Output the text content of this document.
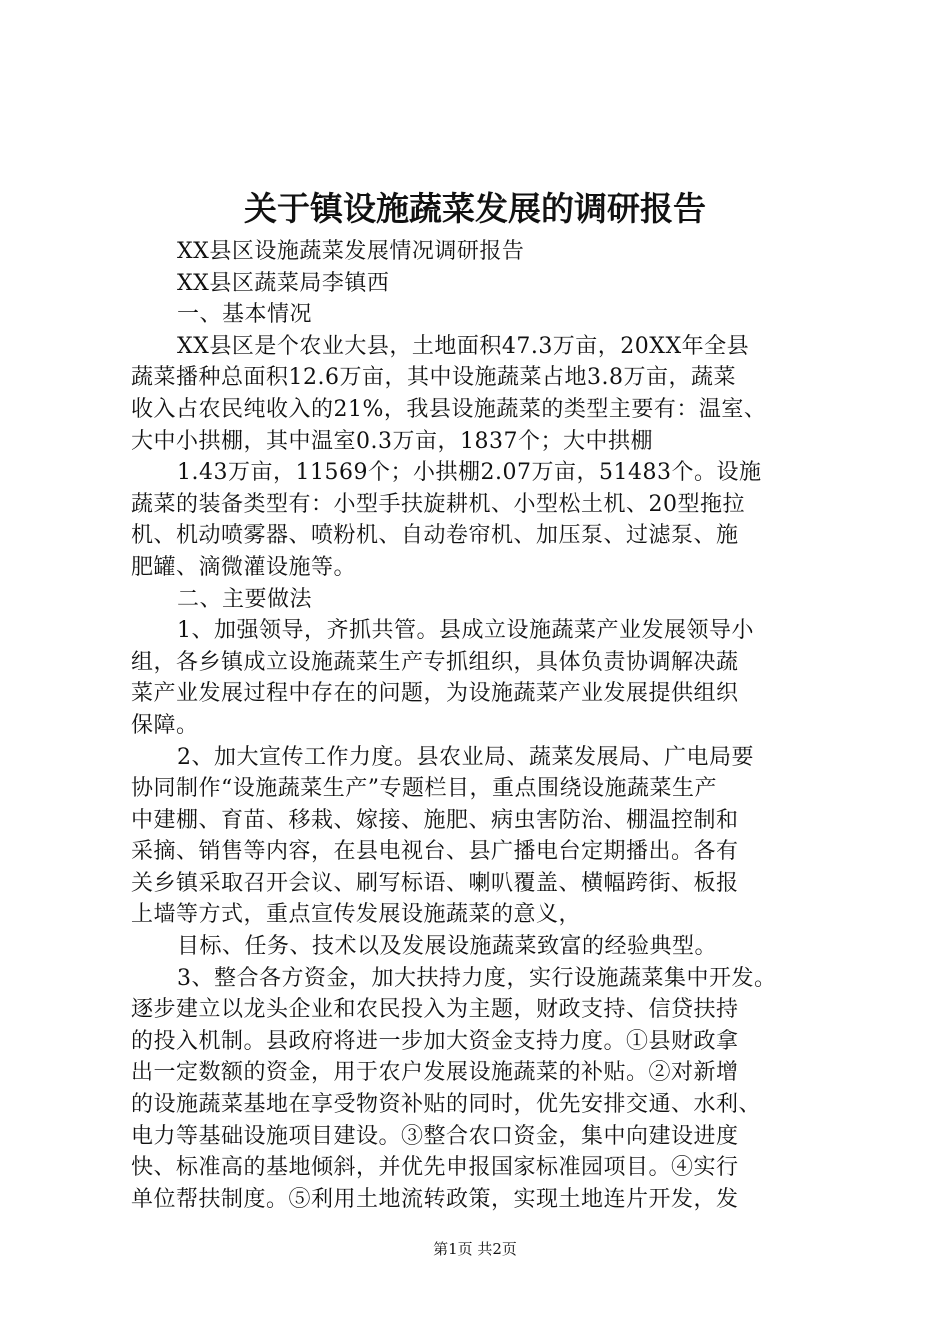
关于镇设施蔬菜发展的调研报告
XX县区设施蔬菜发展情况调研报告
XX县区蔬菜局李镇西
一、基本情况
XX县区是个农业大县，土地面积47.3万亩，20XX年全县
蔬菜播种总面积12.6万亩，其中设施蔬菜占地3.8万亩，蔬菜
收入占农民纯收入的21%，我县设施蔬菜的类型主要有：温室、
大中小拱棚，其中温室0.3万亩，1837个；大中拱棚
1.43万亩，11569个；小拱棚2.07万亩，51483个。设施
蔬菜的装备类型有：小型手扶旋耕机、小型松土机、20型拖拉
机、机动喷雾器、喷粉机、自动卷帘机、加压泵、过滤泵、施
肥罐、滴微灌设施等。
二、主要做法
1、加强领导，齐抓共管。县成立设施蔬菜产业发展领导小
组，各乡镇成立设施蔬菜生产专抓组织，具体负责协调解决蔬
菜产业发展过程中存在的问题，为设施蔬菜产业发展提供组织
保障。
2、加大宣传工作力度。县农业局、蔬菜发展局、广电局要
协同制作“设施蔬菜生产”专题栏目，重点围绕设施蔬菜生产
中建棚、育苗、移栽、嫁接、施肥、病虫害防治、棚温控制和
采摘、销售等内容，在县电视台、县广播电台定期播出。各有
关乡镇采取召开会议、刷写标语、喇叭覆盖、横幅跨街、板报
上墙等方式，重点宣传发展设施蔬菜的意义，
目标、任务、技术以及发展设施蔬菜致富的经验典型。
3、整合各方资金，加大扶持力度，实行设施蔬菜集中开发。
逐步建立以龙头企业和农民投入为主题，财政支持、信贷扶持
的投入机制。县政府将进一步加大资金支持力度。①县财政拿
出一定数额的资金，用于农户发展设施蔬菜的补贴。②对新增
的设施蔬菜基地在享受物资补贴的同时，优先安排交通、水利、
电力等基础设施项目建设。③整合农口资金，集中向建设进度
快、标准高的基地倾斜，并优先申报国家标准园项目。④实行
单位帮扶制度。⑤利用土地流转政策，实现土地连片开发，发
第1页 共2页
